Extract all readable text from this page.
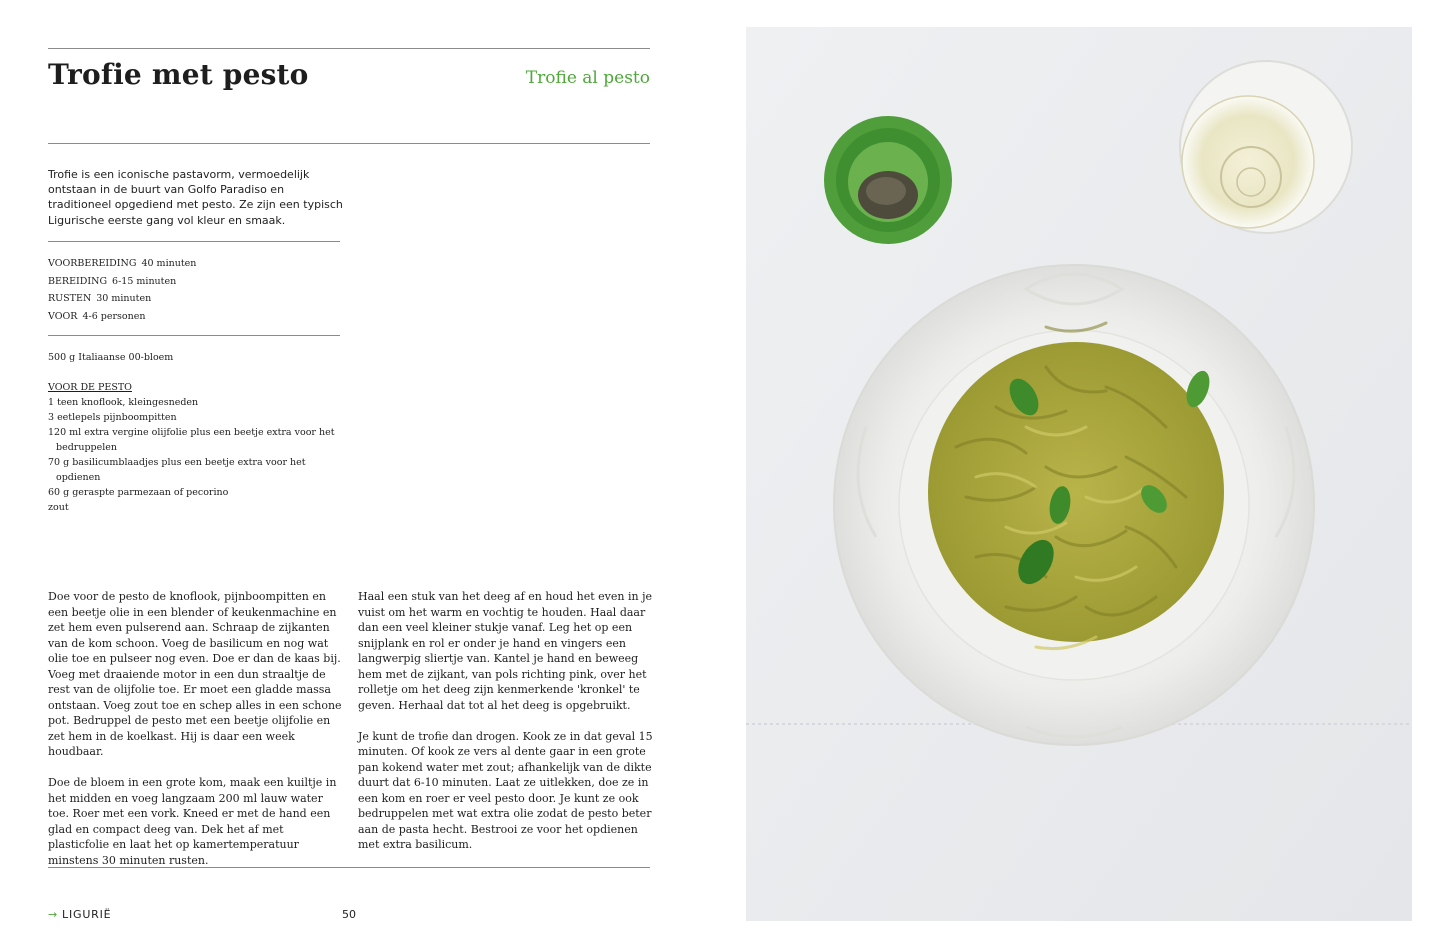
Trofie met pesto	Trofie al pesto
Trofie is een iconische pastavorm, vermoedelijk ontstaan in de buurt van Golfo Paradiso en traditioneel opgediend met pesto. Ze zijn een typisch Ligurische eerste gang vol kleur en smaak.
VOORBEREIDING 40 minuten
BEREIDING 6-15 minuten
RUSTEN 30 minuten
VOOR 4-6 personen
500 g Italiaanse 00-bloem
VOOR DE PESTO
1 teen knoflook, kleingesneden
3 eetlepels pijnboompitten
120 ml extra vergine olijfolie plus een beetje extra voor het bedruppelen
70 g basilicumblaadjes plus een beetje extra voor het opdienen
60 g geraspte parmezaan of pecorino
zout

Doe voor de pesto de knoflook, pijnboompitten en een beetje olie in een blender of keukenmachine en zet hem even pulserend aan. Schraap de zijkanten van de kom schoon. Voeg de basilicum en nog wat olie toe en pulseer nog even. Doe er dan de kaas bij. Voeg met draaiende motor in een dun straaltje de rest van de olijfolie toe. Er moet een gladde massa ontstaan. Voeg zout toe en schep alles in een schone pot. Bedruppel de pesto met een beetje olijfolie en zet hem in de koelkast. Hij is daar een week houdbaar.

Doe de bloem in een grote kom, maak een kuiltje in het midden en voeg langzaam 200 ml lauw water toe. Roer met een vork. Kneed er met de hand een glad en compact deeg van. Dek het af met plasticfolie en laat het op kamertemperatuur minstens 30 minuten rusten.

Haal een stuk van het deeg af en houd het even in je vuist om het warm en vochtig te houden. Haal daar dan een veel kleiner stukje vanaf. Leg het op een snijplank en rol er onder je hand en vingers een langwerpig sliertje van. Kantel je hand en beweeg hem met de zijkant, van pols richting pink, over het rolletje om het deeg zijn kenmerkende 'kronkel' te geven. Herhaal dat tot al het deeg is opgebruikt.

Je kunt de trofie dan drogen. Kook ze in dat geval 15 minuten. Of kook ze vers al dente gaar in een grote pan kokend water met zout; afhankelijk van de dikte duurt dat 6-10 minuten. Laat ze uitlekken, doe ze in een kom en roer er veel pesto door. Je kunt ze ook bedruppelen met wat extra olie zodat de pesto beter aan de pasta hecht. Bestrooi ze voor het opdienen met extra basilicum.

→ LIGURIË	50
